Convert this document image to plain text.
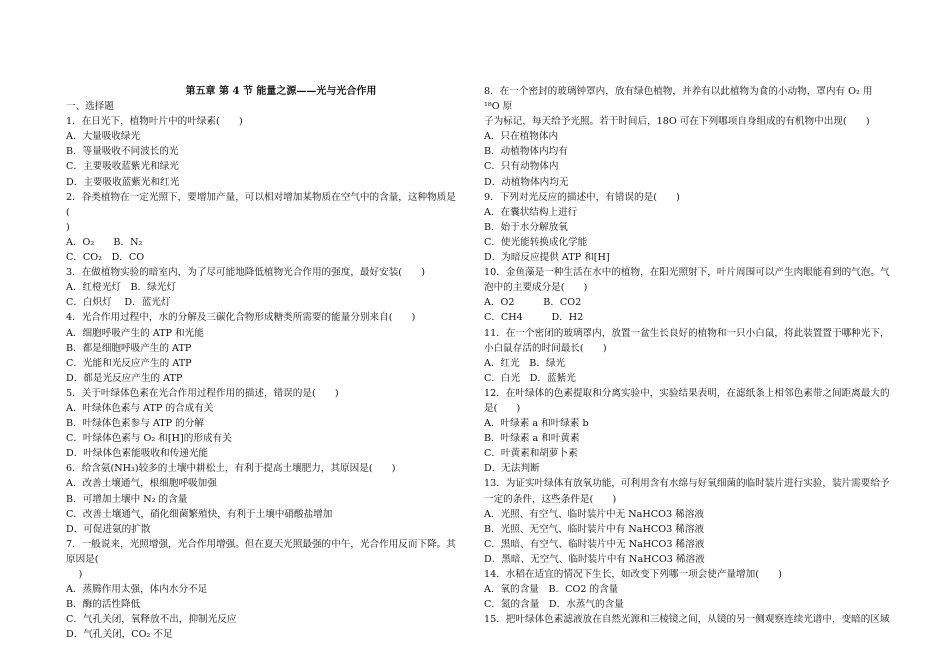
第五章 第 4 节 能量之源——光与光合作用
一、选择题
1．在日光下，植物叶片中的叶绿素(　　)
A．大量吸收绿光
B．等量吸收不同波长的光
C．主要吸收蓝紫光和绿光
D．主要吸收蓝紫光和红光
2．谷类植物在一定光照下，要增加产量，可以相对增加某物质在空气中的含量，这种物质是(
)
A．O₂　　B．N₂
C．CO₂　D．CO
3．在做植物实验的暗室内，为了尽可能地降低植物光合作用的强度，最好安装(　　)
A．红橙光灯　B．绿光灯
C．白炽灯　 D．蓝光灯
4．光合作用过程中，水的分解及三碳化合物形成糖类所需要的能量分别来自(　　)
A．细胞呼吸产生的 ATP 和光能
B．都是细胞呼吸产生的 ATP
C．光能和光反应产生的 ATP
D．都是光反应产生的 ATP
5．关于叶绿体色素在光合作用过程作用的描述，错误的是(　　)
A．叶绿体色素与 ATP 的合成有关
B．叶绿体色素参与 ATP 的分解
C．叶绿体色素与 O₂ 和[H]的形成有关
D．叶绿体色素能吸收和传递光能
6．给含氨(NH₃)较多的土壤中耕松土，有利于提高土壤肥力，其原因是(　　)
A．改善土壤通气，根细胞呼吸加强
B．可增加土壤中 N₂ 的含量
C．改善土壤通气，硝化细菌繁殖快，有利于土壤中硝酸盐增加
D．可促进氨的扩散
7．一般说来，光照增强，光合作用增强。但在夏天光照最强的中午，光合作用反而下降。其原因是(
　 )
A．蒸腾作用太强，体内水分不足
B．酶的活性降低
C．气孔关闭，氧释放不出，抑制光反应
D．气孔关闭，CO₂ 不足
8．在一个密封的玻璃钟罩内，放有绿色植物，并养有以此植物为食的小动物，罩内有 O₂ 用 ¹⁸O 原
子为标记，每天给予光照。若干时间后，18O 可在下列哪项自身组成的有机物中出现(　　)
A．只在植物体内
B．动植物体内均有
C．只有动物体内
D．动植物体内均无
9．下列对光反应的描述中，有错误的是(　　)
A．在囊状结构上进行
B．始于水分解放氧
C．使光能转换成化学能
D．为暗反应提供 ATP 和[H]
10．金鱼藻是一种生活在水中的植物，在阳光照射下，叶片周围可以产生肉眼能看到的气泡。气
泡中的主要成分是(　　)
A．O2　　　B．CO2
C．CH4　　　D．H2
11．在一个密闭的玻璃罩内，放置一盆生长良好的植物和一只小白鼠，将此装置置于哪种光下，
小白鼠存活的时间最长(　　)
A．红光　B．绿光
C．白光　D．蓝紫光
12．在叶绿体的色素提取和分离实验中，实验结果表明，在滤纸条上相邻色素带之间距离最大的
是(　　)
A．叶绿素 a 和叶绿素 b
B．叶绿素 a 和叶黄素
C．叶黄素和胡萝卜素
D．无法判断
13．为证实叶绿体有放氧功能，可利用含有水绵与好氧细菌的临时装片进行实验，装片需要给予
一定的条件，这些条件是(　　)
A．光照、有空气、临时装片中无 NaHCO3 稀溶液
B．光照、无空气、临时装片中有 NaHCO3 稀溶液
C．黑暗、有空气、临时装片中无 NaHCO3 稀溶液
D．黑暗、无空气、临时装片中有 NaHCO3 稀溶液
14．水稻在适宜的情况下生长，如改变下列哪一项会使产量增加(　　)
A．氧的含量　B．CO2 的含量
C．氮的含量　D．水蒸气的含量
15．把叶绿体色素滤液放在自然光源和三棱镜之间，从镜的另一侧观察连续光谱中，变暗的区域
